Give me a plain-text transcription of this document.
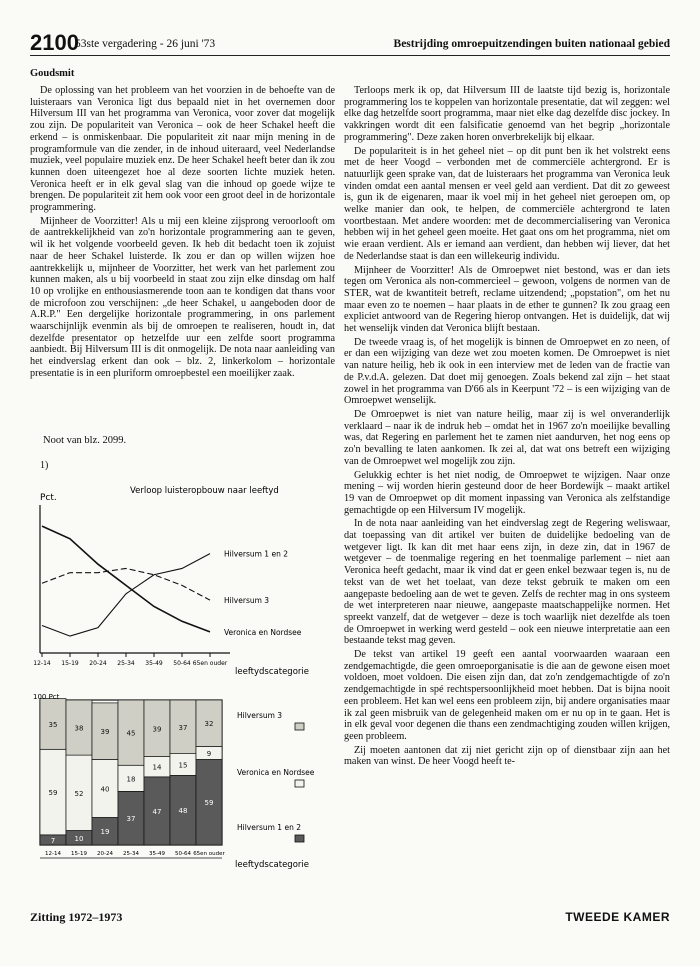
2100
53ste vergadering - 26 juni '73	Bestrijding omroepuitzendingen buiten nationaal gebied
Goudsmit

De oplossing van het probleem van het voorzien in de behoefte van de luisteraars van Veronica ligt dus bepaald niet in het overnemen door Hilversum III van het programma van Veronica, voor zover dat mogelijk zou zijn. De populariteit van Veronica – ook de heer Schakel heeft die erkend – is onmiskenbaar. Die populariteit zit naar mijn mening in de programformule van die zender, in de inhoud uiteraard, veel Nederlandse muziek, veel populaire muziek enz. De heer Schakel heeft beter dan ik zou kunnen doen uiteengezet hoe al deze soorten lichte muziek heten. Veronica heeft er in elk geval slag van die inhoud op goede wijze te brengen. De populariteit zit hem ook voor een groot deel in de horizontale programmering.

Mijnheer de Voorzitter! Als u mij een kleine zijsprong veroorlooft om de aantrekkelijkheid van zo'n horizontale programmering aan te geven, wil ik het volgende voorbeeld geven. Ik heb dit bedacht toen ik zojuist naar de heer Schakel luisterde. Ik zou er dan op willen wijzen hoe aantrekkelijk u, mijnheer de Voorzitter, het werk van het parlement zou kunnen maken, als u bij voorbeeld in staat zou zijn elke dinsdag om half 10 op vrolijke en enthousiasmerende toon aan te kondigen dat thans voor de microfoon zou verschijnen: „de heer Schakel, u aangeboden door de A.R.P." Een dergelijke horizontale programmering, in ons parlement waarschijnlijk evenmin als bij de omroepen te realiseren, houdt in, dat dezelfde presentator op hetzelfde uur een zelfde soort programma aanbiedt. Bij Hilversum III is dit onmogelijk. De nota naar aanleiding van het eindverslag erkent dan ook – blz. 2, linkerkolom – horizontale presentatie is in een pluriform omroepbestel een moeilijker zaak.

Noot van blz. 2099.
1)
Verloop luisteropbouw naar leeftyd
Pct.
12-14 15-19 20-24 25-34 35-49 50-64 65en ouder
Hilversum 1 en 2
Hilversum 3
Veronica en Nordsee
leeftydscategorie
7
59
35
12-14
10
52
38
15-19
19
40
39
20-24
37
18
45
25-34
47
14
39
35-49
48
15
37
50-64
59
9
32
65en ouder
100 Pct
leeftydscategorie
Hilversum 1 en 2
Veronica en Nordsee
Hilversum 3

Terloops merk ik op, dat Hilversum III de laatste tijd bezig is, horizontale programmering los te koppelen van horizontale presentatie, dat wil zeggen: wel elke dag hetzelfde soort programma, maar niet elke dag dezelfde disc jockey. In vakkringen wordt dit een falsificatie genoemd van het begrip „horizontale programmering". Deze zaken horen onverbrekelijk bij elkaar.

De populariteit is in het geheel niet – op dit punt ben ik het volstrekt eens met de heer Voogd – verbonden met de commerciële achtergrond. Er is natuurlijk geen sprake van, dat de luisteraars het programma van Veronica leuk vinden omdat een aantal mensen er veel geld aan verdient. Dat dit zo geweest is, gun ik de eigenaren, maar ik voel mij in het geheel niet geroepen om, op welke manier dan ook, te helpen, de commerciële achtergrond te laten voortbestaan. Met andere woorden: met de decommercialisering van Veronica hebben wij in het geheel geen moeite. Het gaat ons om het programma, niet om wie eraan verdient. Als er iemand aan verdient, dan hebben wij liever, dat het de Nederlandse staat is dan een willekeurig individu.

Mijnheer de Voorzitter! Als de Omroepwet niet bestond, was er dan iets tegen om Veronica als non-commercieel – gewoon, volgens de normen van de STER, wat de kwantiteit betreft, reclame uitzendend; „popstation", om het nu maar even zo te noemen – haar plaats in de ether te gunnen? Ik zou graag een expliciet antwoord van de Regering hierop ontvangen. Het is duidelijk, dat wij het wenselijk vinden dat Veronica blijft bestaan.

De tweede vraag is, of het mogelijk is binnen de Omroepwet en zo neen, of er dan een wijziging van deze wet zou moeten komen. De Omroepwet is niet van nature heilig, heb ik ook in een interview met de leden van de fractie van de P.v.d.A. gelezen. Dat doet mij genoegen. Zoals bekend zal zijn – het staat zowel in het programma van D'66 als in Keerpunt '72 – is een wijziging van de Omroepwet wenselijk.

De Omroepwet is niet van nature heilig, maar zij is wel onveranderlijk verklaard – naar ik de indruk heb – omdat het in 1967 zo'n moeilijke bevalling was, dat Regering en parlement het te zamen niet aandurven, het nog eens op zo'n bevalling te laten aankomen. Ik zei al, dat wat ons betreft een wijziging van de Omroepwet wel mogelijk zou zijn.

Gelukkig echter is het niet nodig, de Omroepwet te wijzigen. Naar onze mening – wij worden hierin gesteund door de heer Bordewijk – maakt artikel 19 van de Omroepwet op dit moment inpassing van Veronica als zelfstandige gemachtigde op een Hilversum IV mogelijk.

In de nota naar aanleiding van het eindverslag zegt de Regering weliswaar, dat toepassing van dit artikel ver buiten de duidelijke bedoeling van de wetgever ligt. Ik kan dit met haar eens zijn, in deze zin, dat in 1967 de wetgever – de toenmalige regering en het toenmalige parlement – niet aan Veronica heeft gedacht, maar ik vind dat er geen enkel bezwaar tegen is, nu de tekst van de wet het toelaat, van deze tekst gebruik te maken om een aangepaste bedoeling aan de wet te geven. Zelfs de rechter mag in ons systeem de wet interpreteren naar nieuwe, aangepaste maatschappelijke normen. Het spreekt vanzelf, dat de wetgever – deze is toch waarlijk niet dezelfde als toen de Omroepwet in werking werd gesteld – ook een nieuwe interpretatie aan een bestaande tekst mag geven.

De tekst van artikel 19 geeft een aantal voorwaarden waaraan een zendgemachtigde, die geen omroeporganisatie is die aan de gewone eisen moet voldoen, moet voldoen. Die eisen zijn dan, dat zo'n zendgemachtigde of zo'n zendgemachtigde in spé rechtspersoonlijkheid moet hebben. Dat is bijna nooit een probleem. Het kan wel eens een probleem zijn, bij andere organisaties maar ik zal geen misbruik van de gelegenheid maken om er nu op in te gaan. Het is in elk geval voor degenen die thans een zendmachtiging zouden willen krijgen, geen probleem.

Zij moeten aantonen dat zij niet gericht zijn op of dienstbaar zijn aan het maken van winst. De heer Voogd heeft te-

Zitting 1972–1973	TWEEDE KAMER
